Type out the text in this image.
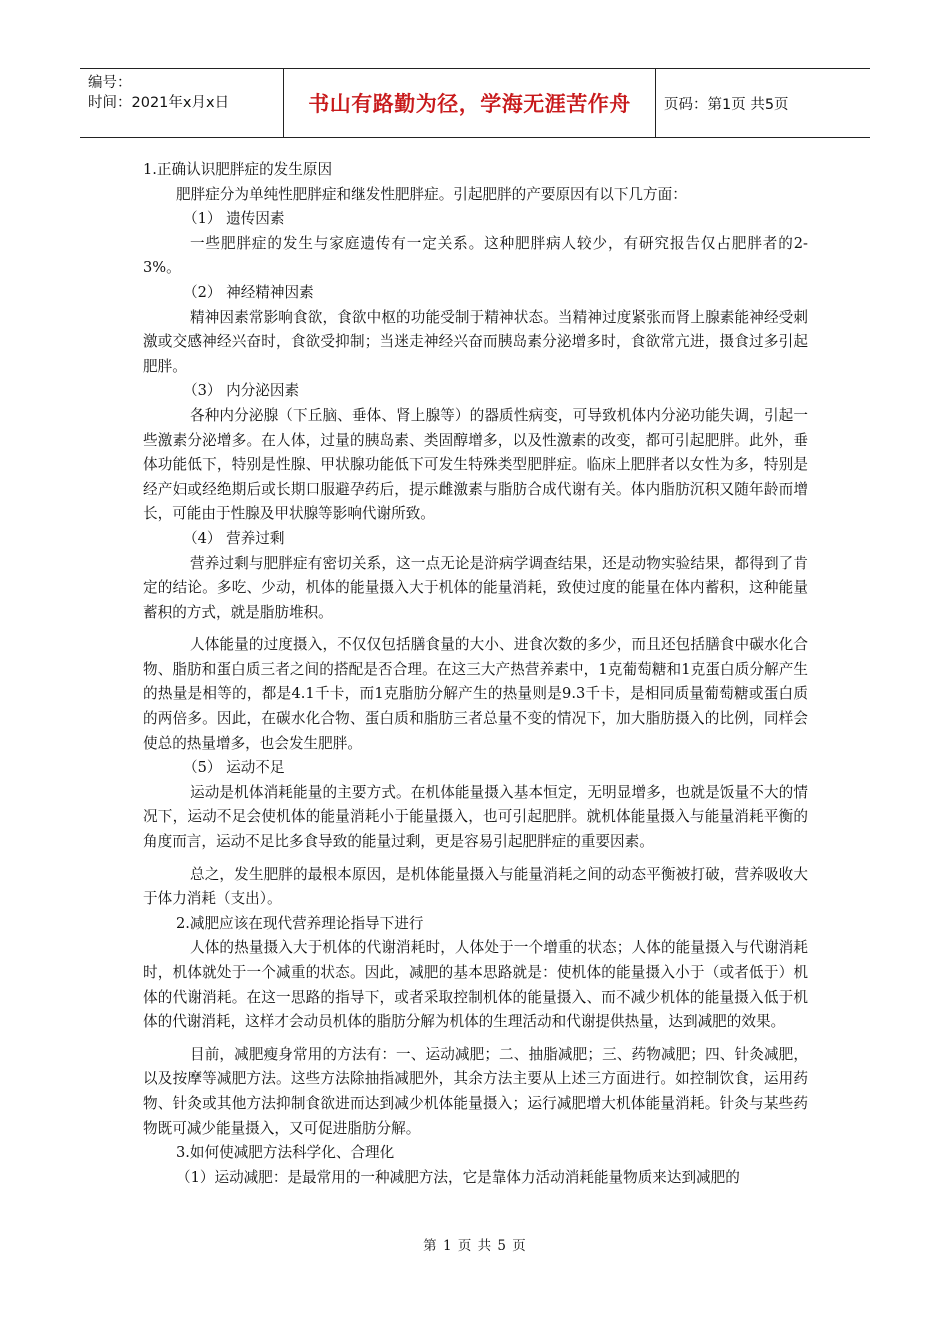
编号：
时间：2021年x月x日	书山有路勤为径，学海无涯苦作舟	页码：第1页 共5页

1.正确认识肥胖症的发生原因

肥胖症分为单纯性肥胖症和继发性肥胖症。引起肥胖的产要原因有以下几方面：

（1） 遗传因素

一些肥胖症的发生与家庭遗传有一定关系。这种肥胖病人较少，有研究报告仅占肥胖者的2-3%。

（2） 神经精神因素

精神因素常影响食欲，食欲中枢的功能受制于精神状态。当精神过度紧张而肾上腺素能神经受刺激或交感神经兴奋时，食欲受抑制；当迷走神经兴奋而胰岛素分泌增多时，食欲常亢进，摄食过多引起肥胖。

（3） 内分泌因素

各种内分泌腺（下丘脑、垂体、肾上腺等）的器质性病变，可导致机体内分泌功能失调，引起一些激素分泌增多。在人体，过量的胰岛素、类固醇增多，以及性激素的改变，都可引起肥胖。此外，垂体功能低下，特别是性腺、甲状腺功能低下可发生特殊类型肥胖症。临床上肥胖者以女性为多，特别是经产妇或经绝期后或长期口服避孕药后，提示雌激素与脂肪合成代谢有关。体内脂肪沉积又随年龄而增长，可能由于性腺及甲状腺等影响代谢所致。

（4） 营养过剩

营养过剩与肥胖症有密切关系，这一点无论是浒病学调查结果，还是动物实验结果，都得到了肯定的结论。多吃、少动，机体的能量摄入大于机体的能量消耗，致使过度的能量在体内蓄积，这种能量蓄积的方式，就是脂肪堆积。

人体能量的过度摄入，不仅仅包括膳食量的大小、进食次数的多少，而且还包括膳食中碳水化合物、脂肪和蛋白质三者之间的搭配是否合理。在这三大产热营养素中，1克葡萄糖和1克蛋白质分解产生的热量是相等的，都是4.1千卡，而1克脂肪分解产生的热量则是9.3千卡，是相同质量葡萄糖或蛋白质的两倍多。因此，在碳水化合物、蛋白质和脂肪三者总量不变的情况下，加大脂肪摄入的比例，同样会使总的热量增多，也会发生肥胖。

（5） 运动不足

运动是机体消耗能量的主要方式。在机体能量摄入基本恒定，无明显增多，也就是饭量不大的情况下，运动不足会使机体的能量消耗小于能量摄入，也可引起肥胖。就机体能量摄入与能量消耗平衡的角度而言，运动不足比多食导致的能量过剩，更是容易引起肥胖症的重要因素。

总之，发生肥胖的最根本原因，是机体能量摄入与能量消耗之间的动态平衡被打破，营养吸收大于体力消耗（支出）。

2.减肥应该在现代营养理论指导下进行

人体的热量摄入大于机体的代谢消耗时，人体处于一个增重的状态；人体的能量摄入与代谢消耗时，机体就处于一个减重的状态。因此，减肥的基本思路就是：使机体的能量摄入小于（或者低于）机体的代谢消耗。在这一思路的指导下，或者采取控制机体的能量摄入、而不减少机体的能量摄入低于机体的代谢消耗，这样才会动员机体的脂肪分解为机体的生理活动和代谢提供热量，达到减肥的效果。

目前，减肥瘦身常用的方法有：一、运动减肥；二、抽脂减肥；三、药物减肥；四、针灸减肥，以及按摩等减肥方法。这些方法除抽指减肥外，其余方法主要从上述三方面进行。如控制饮食，运用药物、针灸或其他方法抑制食欲进而达到减少机体能量摄入；运行减肥增大机体能量消耗。针灸与某些药物既可减少能量摄入，又可促进脂肪分解。

3.如何使减肥方法科学化、合理化

（1）运动减肥：是最常用的一种减肥方法，它是靠体力活动消耗能量物质来达到减肥的

第 1 页 共 5 页
